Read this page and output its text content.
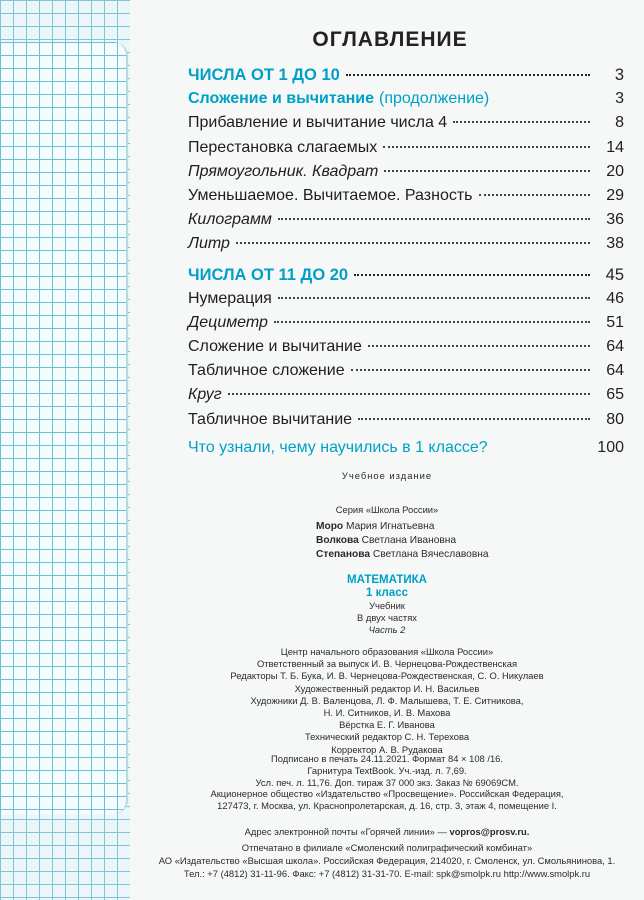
ОГЛАВЛЕНИЕ
ЧИСЛА ОТ 1 ДО 10	3
Сложение и вычитание (продолжение)	3
Прибавление и вычитание числа 4	8
Перестановка слагаемых	14
Прямоугольник. Квадрат	20
Уменьшаемое. Вычитаемое. Разность	29
Килограмм	36
Литр	38
ЧИСЛА ОТ 11 ДО 20	45
Нумерация	46
Дециметр	51
Сложение и вычитание	64
Табличное сложение	64
Круг	65
Табличное вычитание	80
Что узнали, чему научились в 1 классе?	100
Учебное издание
Серия «Школа России»
Моро Мария Игнатьевна
Волкова Светлана Ивановна
Степанова Светлана Вячеславовна
МАТЕМАТИКА
1 класс
Учебник
В двух частях
Часть 2
Центр начального образования «Школа России»
Ответственный за выпуск И. В. Чернецова-Рождественская
Редакторы Т. Б. Бука, И. В. Чернецова-Рождественская, С. О. Никулаев
Художественный редактор И. Н. Васильев
Художники Д. В. Валенцова, Л. Ф. Малышева, Т. Е. Ситникова,
Н. И. Ситников, И. В. Махова
Вёрстка Е. Г. Иванова
Технический редактор С. Н. Терехова
Корректор А. В. Рудакова
Подписано в печать 24.11.2021. Формат 84 × 108 /16.
Гарнитура TextBook. Уч.-изд. л. 7,69.
Усл. печ. л. 11,76. Доп. тираж 37 000 экз. Заказ № 69069СМ.
Акционерное общество «Издательство «Просвещение». Российская Федерация,
127473, г. Москва, ул. Краснопролетарская, д. 16, стр. 3, этаж 4, помещение I.
Адрес электронной почты «Горячей линии» — vopros@prosv.ru.
Отпечатано в филиале «Смоленский полиграфический комбинат»
АО «Издательство «Высшая школа». Российская Федерация, 214020, г. Смоленск, ул. Смольянинова, 1.
Тел.: +7 (4812) 31-11-96. Факс: +7 (4812) 31-31-70. E-mail: spk@smolpk.ru http://www.smolpk.ru
